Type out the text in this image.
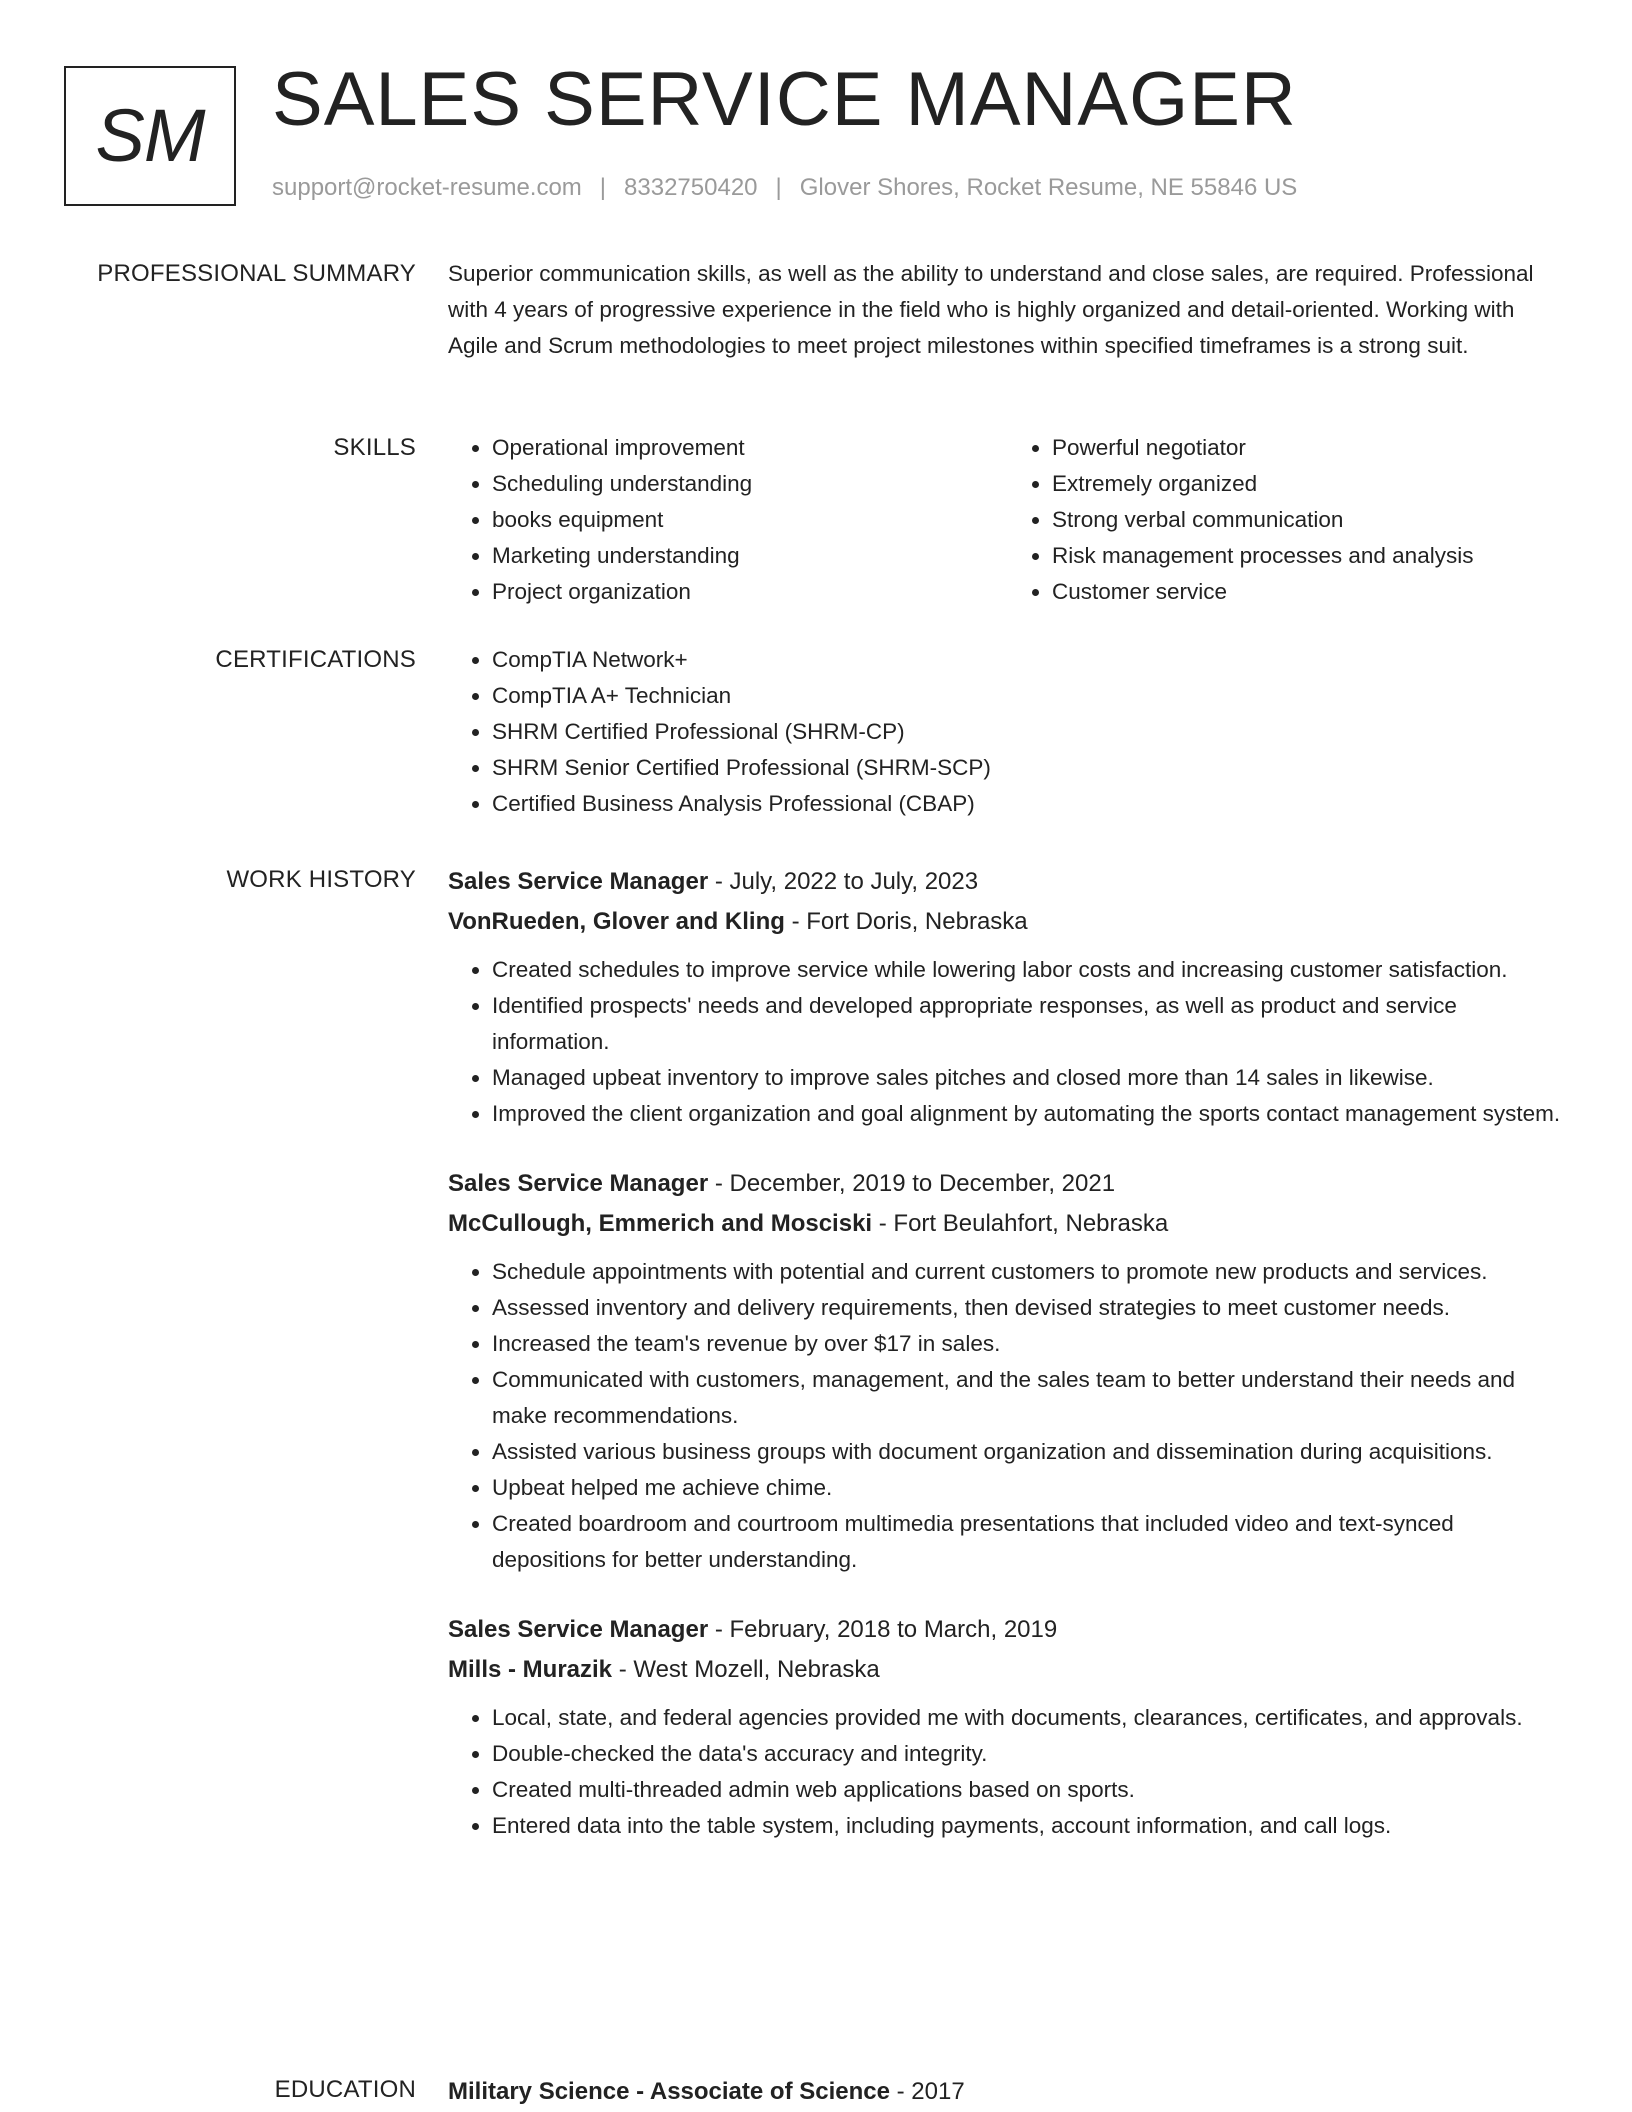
SM SALES SERVICE MANAGER
support@rocket-resume.com | 8332750420 | Glover Shores, Rocket Resume, NE 55846 US
PROFESSIONAL SUMMARY Superior communication skills, as well as the ability to understand and close sales, are required. Professional with 4 years of progressive experience in the field who is highly organized and detail-oriented. Working with Agile and Scrum methodologies to meet project milestones within specified timeframes is a strong suit.

SKILLS	• Operational improvement
• Scheduling understanding
• books equipment
• Marketing understanding
• Project organization
• Powerful negotiator
• Extremely organized
• Strong verbal communication
• Risk management processes and analysis
• Customer service
CERTIFICATIONS	• CompTIA Network+
• CompTIA A+ Technician
• SHRM Certified Professional (SHRM-CP)
• SHRM Senior Certified Professional (SHRM-SCP)
• Certified Business Analysis Professional (CBAP)
WORK HISTORY Sales Service Manager - July, 2022 to July, 2023
VonRueden, Glover and Kling - Fort Doris, Nebraska
• Created schedules to improve service while lowering labor costs and increasing customer satisfaction.
• Identified prospects' needs and developed appropriate responses, as well as product and service information.
• Managed upbeat inventory to improve sales pitches and closed more than 14 sales in likewise.
• Improved the client organization and goal alignment by automating the sports contact management system.
Sales Service Manager - December, 2019 to December, 2021
McCullough, Emmerich and Mosciski - Fort Beulahfort, Nebraska
• Schedule appointments with potential and current customers to promote new products and services.
• Assessed inventory and delivery requirements, then devised strategies to meet customer needs.
• Increased the team's revenue by over $17 in sales.
• Communicated with customers, management, and the sales team to better understand their needs and make recommendations.
• Assisted various business groups with document organization and dissemination during acquisitions.
• Upbeat helped me achieve chime.
• Created boardroom and courtroom multimedia presentations that included video and text-synced depositions for better understanding.
Sales Service Manager - February, 2018 to March, 2019
Mills - Murazik - West Mozell, Nebraska
• Local, state, and federal agencies provided me with documents, clearances, certificates, and approvals.
• Double-checked the data's accuracy and integrity.
• Created multi-threaded admin web applications based on sports.
• Entered data into the table system, including payments, account information, and call logs.
EDUCATION Military Science - Associate of Science - 2017
